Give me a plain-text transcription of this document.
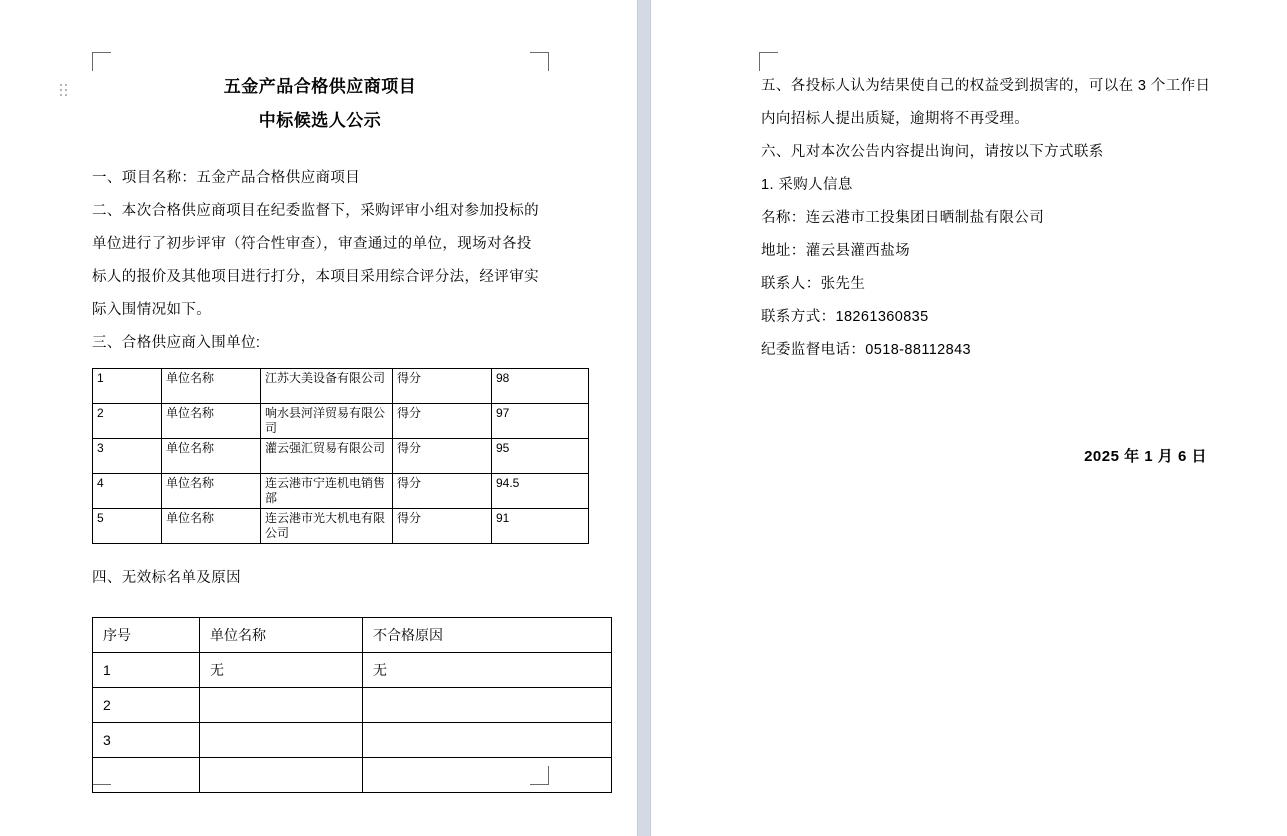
五金产品合格供应商项目
中标候选人公示

一、项目名称：五金产品合格供应商项目

二、本次合格供应商项目在纪委监督下，采购评审小组对参加投标的

单位进行了初步评审（符合性审查），审查通过的单位，现场对各投

标人的报价及其他项目进行打分，本项目采用综合评分法，经评审实

际入围情况如下。

三、合格供应商入围单位:

1	单位名称	江苏大美设备有限公司	得分	98
2	单位名称	响水县河洋贸易有限公司	得分	97
3	单位名称	灌云强汇贸易有限公司	得分	95
4	单位名称	连云港市宁连机电销售部	得分	94.5
5	单位名称	连云港市光大机电有限公司	得分	91

四、无效标名单及原因

序号	单位名称	不合格原因
1	无	无
2		
3		

五、各投标人认为结果使自己的权益受到损害的，可以在 3 个工作日

内向招标人提出质疑，逾期将不再受理。

六、凡对本次公告内容提出询问，请按以下方式联系

1. 采购人信息

名称：连云港市工投集团日晒制盐有限公司

地址：灌云县灌西盐场

联系人：张先生

联系方式：18261360835

纪委监督电话：0518-88112843

2025 年 1 月 6 日
